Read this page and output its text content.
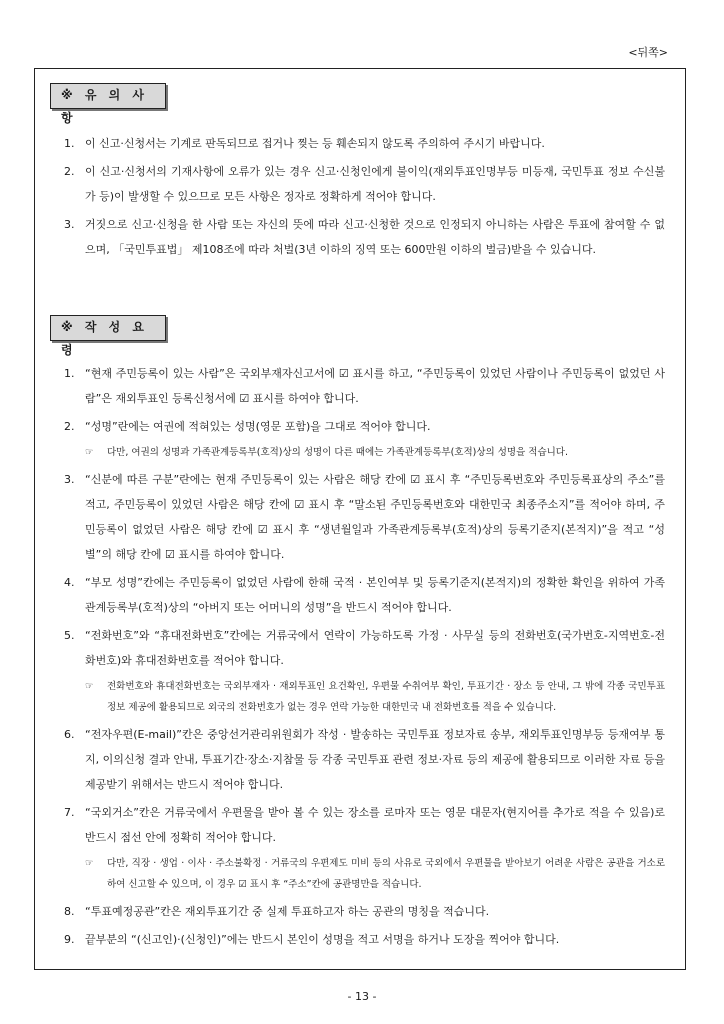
<뒤쪽>
※ 유 의 사 항
1. 이 신고·신청서는 기계로 판독되므로 접거나 찢는 등 훼손되지 않도록 주의하여 주시기 바랍니다.
2. 이 신고·신청서의 기재사항에 오류가 있는 경우 신고·신청인에게 불이익(재외투표인명부등 미등재, 국민투표 정보 수신불가 등)이 발생할 수 있으므로 모든 사항은 정자로 정확하게 적어야 합니다.
3. 거짓으로 신고·신청을 한 사람 또는 자신의 뜻에 따라 신고·신청한 것으로 인정되지 아니하는 사람은 투표에 참여할 수 없으며, 「국민투표법」 제108조에 따라 처벌(3년 이하의 징역 또는 600만원 이하의 벌금)받을 수 있습니다.
※ 작 성 요 령
1. “현재 주민등록이 있는 사람”은 국외부재자신고서에 ☑ 표시를 하고, “주민등록이 있었던 사람이나 주민등록이 없었던 사람”은 재외투표인 등록신청서에 ☑ 표시를 하여야 합니다.
2. “성명”란에는 여권에 적혀있는 성명(영문 포함)을 그대로 적어야 합니다.
☞ 다만, 여권의 성명과 가족관계등록부(호적)상의 성명이 다른 때에는 가족관계등록부(호적)상의 성명을 적습니다.
3. “신분에 따른 구분”란에는 현재 주민등록이 있는 사람은 해당 칸에 ☑ 표시 후 “주민등록번호와 주민등록표상의 주소”를 적고, 주민등록이 있었던 사람은 해당 칸에 ☑ 표시 후 “말소된 주민등록번호와 대한민국 최종주소지”를 적어야 하며, 주민등록이 없었던 사람은 해당 칸에 ☑ 표시 후 “생년월일과 가족관계등록부(호적)상의 등록기준지(본적지)”을 적고 “성별”의 해당 칸에 ☑ 표시를 하여야 합니다.
4. “부모 성명”칸에는 주민등록이 없었던 사람에 한해 국적 · 본인여부 및 등록기준지(본적지)의 정확한 확인을 위하여 가족관계등록부(호적)상의 “아버지 또는 어머니의 성명”을 반드시 적어야 합니다.
5. “전화번호”와 “휴대전화번호”칸에는 거류국에서 연락이 가능하도록 가정 · 사무실 등의 전화번호(국가번호-지역번호-전화번호)와 휴대전화번호를 적어야 합니다.
☞ 전화번호와 휴대전화번호는 국외부재자 · 재외투표인 요건확인, 우편물 수취여부 확인, 투표기간 · 장소 등 안내, 그 밖에 각종 국민투표정보 제공에 활용되므로 외국의 전화번호가 없는 경우 연락 가능한 대한민국 내 전화번호를 적을 수 있습니다.
6. “전자우편(E-mail)”칸은 중앙선거관리위원회가 작성 · 발송하는 국민투표 정보자료 송부, 재외투표인명부등 등재여부 통지, 이의신청 결과 안내, 투표기간·장소·지참물 등 각종 국민투표 관련 정보·자료 등의 제공에 활용되므로 이러한 자료 등을 제공받기 위해서는 반드시 적어야 합니다.
7. “국외거소”칸은 거류국에서 우편물을 받아 볼 수 있는 장소를 로마자 또는 영문 대문자(현지어를 추가로 적을 수 있음)로 반드시 점선 안에 정확히 적어야 합니다.
☞ 다만, 직장 · 생업 · 이사 · 주소불확정 · 거류국의 우편제도 미비 등의 사유로 국외에서 우편물을 받아보기 어려운 사람은 공관을 거소로 하여 신고할 수 있으며, 이 경우 ☑ 표시 후 “주소”칸에 공관명만을 적습니다.
8. “투표예정공관”칸은 재외투표기간 중 실제 투표하고자 하는 공관의 명칭을 적습니다.
9. 끝부분의 “(신고인)·(신청인)”에는 반드시 본인이 성명을 적고 서명을 하거나 도장을 찍어야 합니다.
- 13 -
